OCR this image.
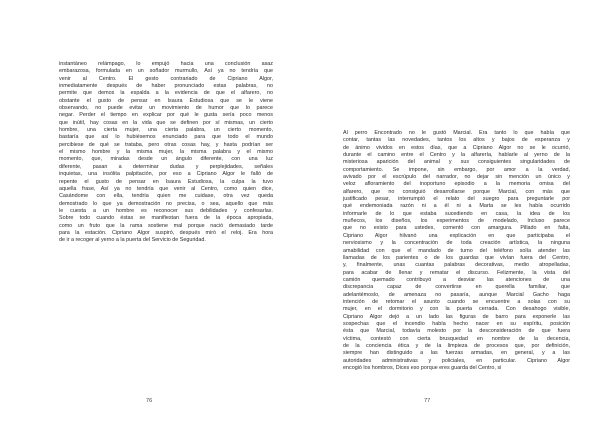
instantáneo relámpago, lo empujó hacia una conclusión asaz
embarazosa, formulada en un soñador murmullo, Así ya no tendría que
venir al Centro. El gesto contrariado de Cipriano Algor,
inmediatamente después de haber pronunciado estas palabras, no
permite que demos la espalda a la evidencia de que el alfarero, no
obstante el gusto de pensar en Isaura Estudiosa que se le viene
observando, no puede evitar un movimiento de humor que lo parece
negar. Perder el tiempo en explicar por qué le gusta sería poco menos
que inútil, hay cosas en la vida que se definen por sí mismas, un cierto
hombre, una cierta mujer, una cierta palabra, un cierto momento,
bastaría que así lo hubiésemos enunciado para que todo el mundo
percibiese de qué se trataba, pero otras cosas hay, y hasta podrían ser
el mismo hombre y la misma mujer, la misma palabra y el mismo
momento, que, miradas desde un ángulo diferente, con una luz
diferente, pasan a determinar dudas y perplejidades, señales
inquietas, una insólita palpitación, por eso a Cipriano Algor le falló de
repente el gusto de pensar en Isaura Estudiosa, la culpa la tuvo
aquella frase, Así ya no tendría que venir al Centro, como quien dice,
Casándome con ella, tendría quien me cuidase, otra vez queda
demostrado lo que ya demostración no precisa, o sea, aquello que más
le cuesta a un hombre es reconocer sus debilidades y confesarlas.
Sobre todo cuando éstas se manifiestan fuera de la época apropiada,
como un fruto que la rama sostiene mal porque nació demasiado tarde
para la estación. Cipriano Algor suspiró, después miró el reloj. Era hora
de ir a recoger al yerno a la puerta del Servicio de Seguridad.
76
Al perro Encontrado no le gustó Marcial. Era tanto lo que había que
contar, tantas las novedades, tantos los altos y bajos de esperanza y
de ánimo vividos en estos días, que a Cipriano Algor no se le ocurrió,
durante el camino entre el Centro y la alfarería, hablarle al yerno de la
misteriosa aparición del animal y sus consiguientes singularidades de
comportamiento. Se impone, sin embargo, por amor a la verdad,
avivado por el escrúpulo del narrador, no dejar sin mención un único y
veloz afloramiento del inoportuno episodio a la memoria omisa del
alfarero, que no consiguió desarrollarse porque Marcial, con más que
justificado pesar, interrumpió el relato del suegro para preguntarle por
qué endemoniada razón ni a él ni a Marta se les había ocurrido
informarle de lo que estaba sucediendo en casa, la idea de los
muñecos, los diseños, los experimentos de modelado, Incluso parece
que no existo para ustedes, comentó con amargura. Pillado en falta,
Cipriano Algor hilvanó una explicación en que participaba el
nerviosismo y la concentración de toda creación artística, la ninguna
amabilidad con que el mandado de turno del teléfono solía atender las
llamadas de los parientes o de los guardas que vivían fuera del Centro,
y, finalmente, unas cuantas palabras decorativas, medio atropelladas,
para acabar de llenar y rematar el discurso. Felizmente, la vista del
camión quemado contribuyó a desviar las atenciones de una
discrepancia capaz de convertirse en querella familiar, que
adelantémoslo, de amenaza no pasaría, aunque Marcial Gacho haga
intención de retomar el asunto cuando se encuentre a solas con su
mujer, en el dormitorio y con la puerta cerrada. Con desahogo visible,
Cipriano Algor dejó a un lado las figuras de barro para exponerle las
sospechas que el incendio había hecho nacer en su espíritu, posición
ésta que Marcial, todavía molesto por la desconsideración de que fuera
víctima, contestó con cierta brusquedad en nombre de la decencia,
de la conciencia ética y de la limpieza de procesos que, por definición,
siempre han distinguido a las fuerzas armadas, en general, y a las
autoridades administrativas y policiales, en particular. Cipriano Algor
encogió los hombros, Dices eso porque eres guarda del Centro, si
77
